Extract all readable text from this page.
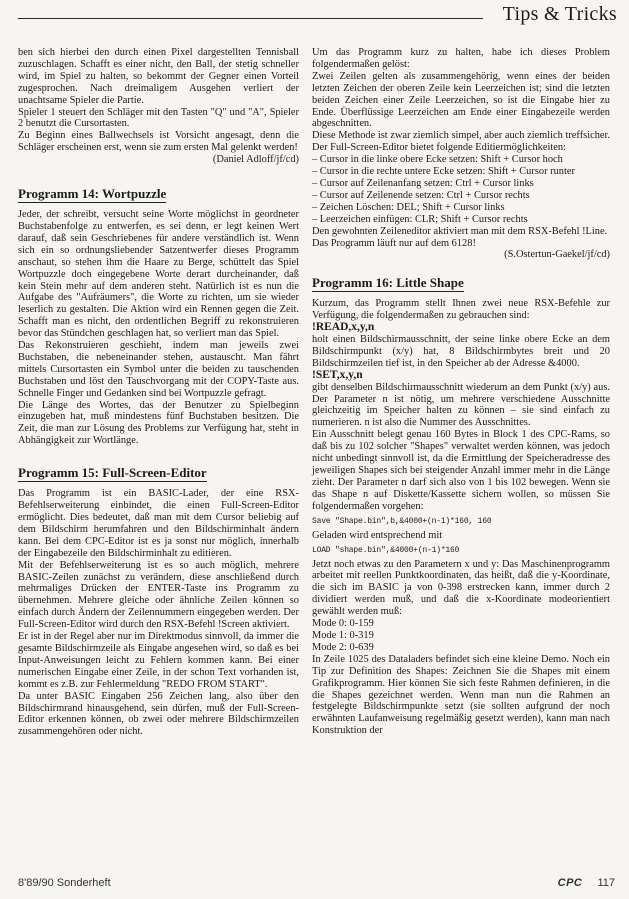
Tips & Tricks

ben sich hierbei den durch einen Pixel dargestellten Tennisball zuzuschlagen. Schafft es einer nicht, den Ball, der stetig schneller wird, im Spiel zu halten, so bekommt der Gegner einen Vorteil zugesprochen. Nach dreimaligem Ausgehen verliert der unachtsame Spieler die Partie.

Spieler 1 steuert den Schläger mit den Tasten "Q" und "A", Spieler 2 benutzt die Cursortasten.

Zu Beginn eines Ballwechsels ist Vorsicht angesagt, denn die Schläger erscheinen erst, wenn sie zum ersten Mal gelenkt werden!

(Daniel Adloff/jf/cd)

Programm 14: Wortpuzzle

Jeder, der schreibt, versucht seine Worte möglichst in geordneter Buchstabenfolge zu entwerfen, es sei denn, er legt keinen Wert darauf, daß sein Geschriebenes für andere verständlich ist. Wenn sich ein so ordnungsliebender Satzentwerfer dieses Programm anschaut, so stehen ihm die Haare zu Berge, schüttelt das Spiel Wortpuzzle doch eingegebene Worte derart durcheinander, daß kein Stein mehr auf dem anderen steht. Natürlich ist es nun die Aufgabe des "Aufräumers", die Worte zu richten, um sie wieder leserlich zu gestalten. Die Aktion wird ein Rennen gegen die Zeit. Schafft man es nicht, den ordentlichen Begriff zu rekonstruieren bevor das Stündchen geschlagen hat, so verliert man das Spiel.

Das Rekonstruieren geschieht, indem man jeweils zwei Buchstaben, die nebeneinander stehen, austauscht. Man fährt mittels Cursortasten ein Symbol unter die beiden zu tauschenden Buchstaben und löst den Tauschvorgang mit der COPY-Taste aus. Schnelle Finger und Gedanken sind bei Wortpuzzle gefragt.

Die Länge des Wortes, das der Benutzer zu Spielbeginn einzugeben hat, muß mindestens fünf Buchstaben besitzen. Die Zeit, die man zur Lösung des Problems zur Verfügung hat, steht in Abhängigkeit zur Wortlänge.

Programm 15: Full-Screen-Editor

Das Programm ist ein BASIC-Lader, der eine RSX-Befehlserweiterung einbindet, die einen Full-Screen-Editor ermöglicht. Dies bedeutet, daß man mit dem Cursor beliebig auf dem Bildschirm herumfahren und den Bildschirminhalt ändern kann. Bei dem CPC-Editor ist es ja sonst nur möglich, innerhalb der Eingabezeile den Bildschirminhalt zu editieren.

Mit der Befehlserweiterung ist es so auch möglich, mehrere BASIC-Zeilen zunächst zu verändern, diese anschließend durch mehrmaliges Drücken der ENTER-Taste ins Programm zu übernehmen. Mehrere gleiche oder ähnliche Zeilen können so einfach durch Ändern der Zeilennummern eingegeben werden. Der Full-Screen-Editor wird durch den RSX-Befehl !Screen aktiviert.

Er ist in der Regel aber nur im Direktmodus sinnvoll, da immer die gesamte Bildschirmzeile als Eingabe angesehen wird, so daß es bei Input-Anweisungen leicht zu Fehlern kommen kann. Bei einer numerischen Eingabe einer Zeile, in der schon Text vorhanden ist, kommt es z.B. zur Fehlermeldung "REDO FROM START".

Da unter BASIC Eingaben 256 Zeichen lang, also über den Bildschirmrand hinausgehend, sein dürfen, muß der Full-Screen-Editor erkennen können, ob zwei oder mehrere Bildschirmzeilen zusammengehören oder nicht.

Um das Programm kurz zu halten, habe ich dieses Problem folgendermaßen gelöst:

Zwei Zeilen gelten als zusammengehörig, wenn eines der beiden letzten Zeichen der oberen Zeile kein Leerzeichen ist; sind die letzten beiden Zeichen einer Zeile Leerzeichen, so ist die Eingabe hier zu Ende. Überflüssige Leerzeichen am Ende einer Eingabezeile werden abgeschnitten.

Diese Methode ist zwar ziemlich simpel, aber auch ziemlich treffsicher. Der Full-Screen-Editor bietet folgende Editiermöglichkeiten:

– Cursor in die linke obere Ecke setzen: Shift + Cursor hoch

– Cursor in die rechte untere Ecke setzen: Shift + Cursor runter

– Cursor auf Zeilenanfang setzen: Ctrl + Cursor links

– Cursor auf Zeilenende setzen: Ctrl + Cursor rechts

– Zeichen Löschen: DEL; Shift + Cursor links

– Leerzeichen einfügen: CLR; Shift + Cursor rechts

Den gewohnten Zeileneditor aktiviert man mit dem RSX-Befehl !Line.

Das Programm läuft nur auf dem 6128!

(S.Ostertun-Gaekel/jf/cd)

Programm 16: Little Shape

Kurzum, das Programm stellt Ihnen zwei neue RSX-Befehle zur Verfügung, die folgendermaßen zu gebrauchen sind:

!READ,x,y,n

holt einen Bildschirmausschnitt, der seine linke obere Ecke an dem Bildschirmpunkt (x/y) hat, 8 Bildschirmbytes breit und 20 Bildschirmzeilen tief ist, in den Speicher ab der Adresse &4000.

!SET,x,y,n

gibt denselben Bildschirmausschnitt wiederum an dem Punkt (x/y) aus. Der Parameter n ist nötig, um mehrere verschiedene Ausschnitte gleichzeitig im Speicher halten zu können – sie sind einfach zu numerieren. n ist also die Nummer des Ausschnittes.

Ein Ausschnitt belegt genau 160 Bytes in Block 1 des CPC-Rams, so daß bis zu 102 solcher "Shapes" verwaltet werden können, was jedoch nicht unbedingt sinnvoll ist, da die Ermittlung der Speicheradresse des jeweiligen Shapes sich bei steigender Anzahl immer mehr in die Länge zieht. Der Parameter n darf sich also von 1 bis 102 bewegen. Wenn sie das Shape n auf Diskette/Kassette sichern wollen, so müssen Sie folgendermaßen vorgehen:

Save "Shape.bin",b,&4000+(n-1)*160, 160

Geladen wird entsprechend mit

LOAD "shape.bin",&4000+(n-1)*160

Jetzt noch etwas zu den Parametern x und y: Das Maschinenprogramm arbeitet mit reellen Punktkoordinaten, das heißt, daß die y-Koordinate, die sich im BASIC ja von 0-398 erstrecken kann, immer durch 2 dividiert werden muß, und daß die x-Koordinate modeorientiert gewählt werden muß:

Mode 0: 0-159

Mode 1: 0-319

Mode 2: 0-639

In Zeile 1025 des Dataladers befindet sich eine kleine Demo. Noch ein Tip zur Definition des Shapes: Zeichnen Sie die Shapes mit einem Grafikprogramm. Hier können Sie sich feste Rahmen definieren, in die die Shapes gezeichnet werden. Wenn man nun die Rahmen an festgelegte Bildschirmpunkte setzt (sie sollten aufgrund der noch erwähnten Laufanweisung regelmäßig gesetzt werden), kann man nach Konstruktion der

8'89/90 Sonderheft	CPC 117
